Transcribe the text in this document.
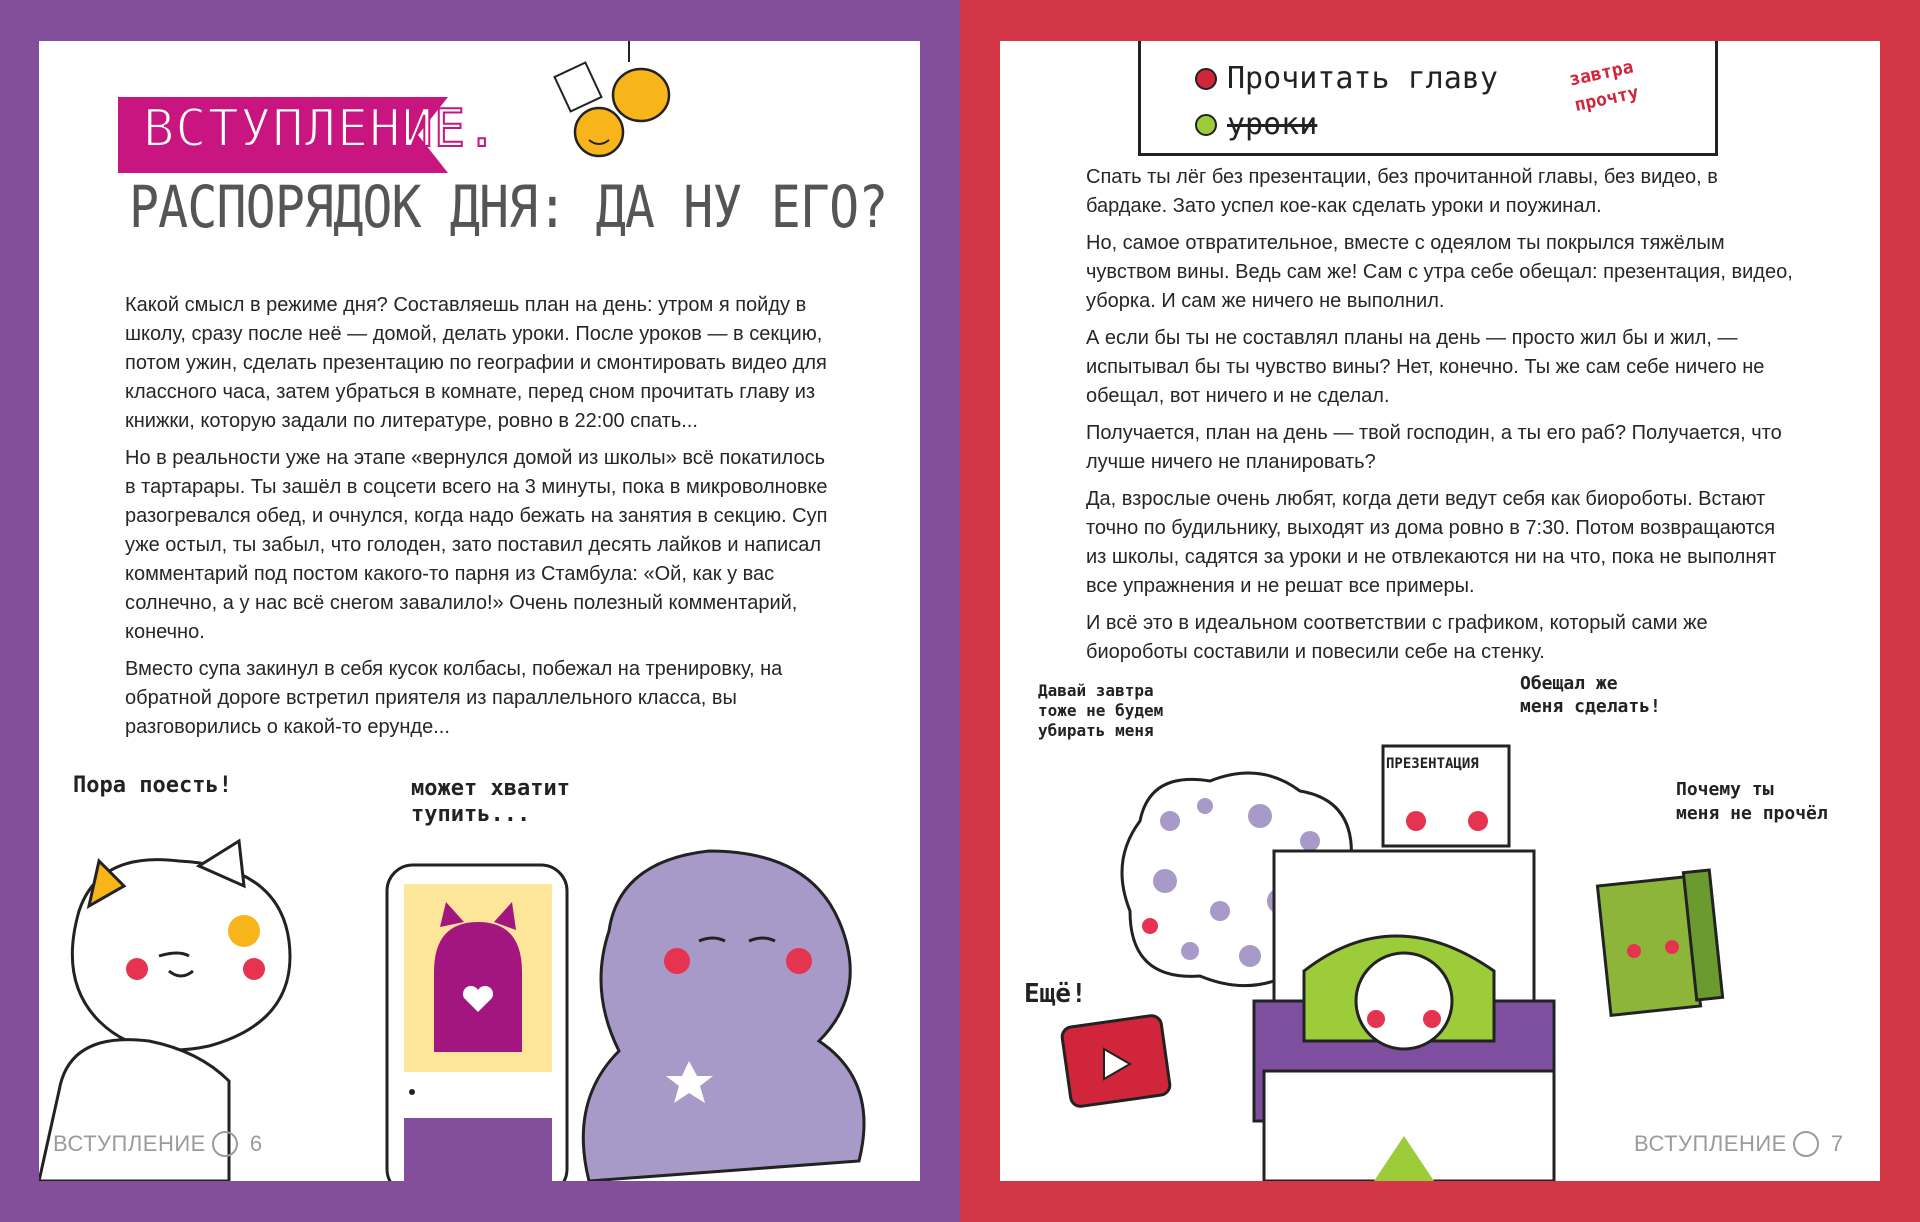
ВСТУПЛЕНИЕ.
РАСПОРЯДОК ДНЯ: ДА НУ ЕГО?

Какой смысл в режиме дня? Составляешь план на день: утром я пойду в школу, сразу после неё — домой, делать уроки. После уроков — в секцию, потом ужин, сделать презентацию по географии и смонтировать видео для классного часа, затем убраться в комнате, перед сном прочитать главу из книжки, которую задали по литературе, ровно в 22:00 спать...

Но в реальности уже на этапе «вернулся домой из школы» всё покатилось в тартарары. Ты зашёл в соцсети всего на 3 минуты, пока в микроволновке разогревался обед, и очнулся, когда надо бежать на занятия в секцию. Суп уже остыл, ты забыл, что голоден, зато поставил десять лайков и написал комментарий под постом какого-то парня из Стамбула: «Ой, как у вас солнечно, а у нас всё снегом завалило!» Очень полезный комментарий, конечно.

Вместо супа закинул в себя кусок колбасы, побежал на тренировку, на обратной дороге встретил приятеля из параллельного класса, вы разговорились о какой-то ерунде...

Пора поесть!	может хватит
тупить...
ВСТУПЛЕНИЕ 6
Прочитать главу	завтра прочту
уроки

Спать ты лёг без презентации, без прочитанной главы, без видео, в бардаке. Зато успел кое-как сделать уроки и поужинал.

Но, самое отвратительное, вместе с одеялом ты покрылся тяжёлым чувством вины. Ведь сам же! Сам с утра себе обещал: презентация, видео, уборка. И сам же ничего не выполнил.

А если бы ты не составлял планы на день — просто жил бы и жил, — испытывал бы ты чувство вины? Нет, конечно. Ты же сам себе ничего не обещал, вот ничего и не сделал.

Получается, план на день — твой господин, а ты его раб? Получается, что лучше ничего не планировать?

Да, взрослые очень любят, когда дети ведут себя как биороботы. Встают точно по будильнику, выходят из дома ровно в 7:30. Потом возвращаются из школы, садятся за уроки и не отвлекаются ни на что, пока не выполнят все упражнения и не решат все примеры.

И всё это в идеальном соответствии с графиком, который сами же биороботы составили и повесили себе на стенку.

Давай завтра
тоже не будем
убирать меня
Обещал же
меня сделать!
Почему ты
меня не прочёл
Ещё!
ПРЕЗЕНТАЦИЯ
ВСТУПЛЕНИЕ 7
